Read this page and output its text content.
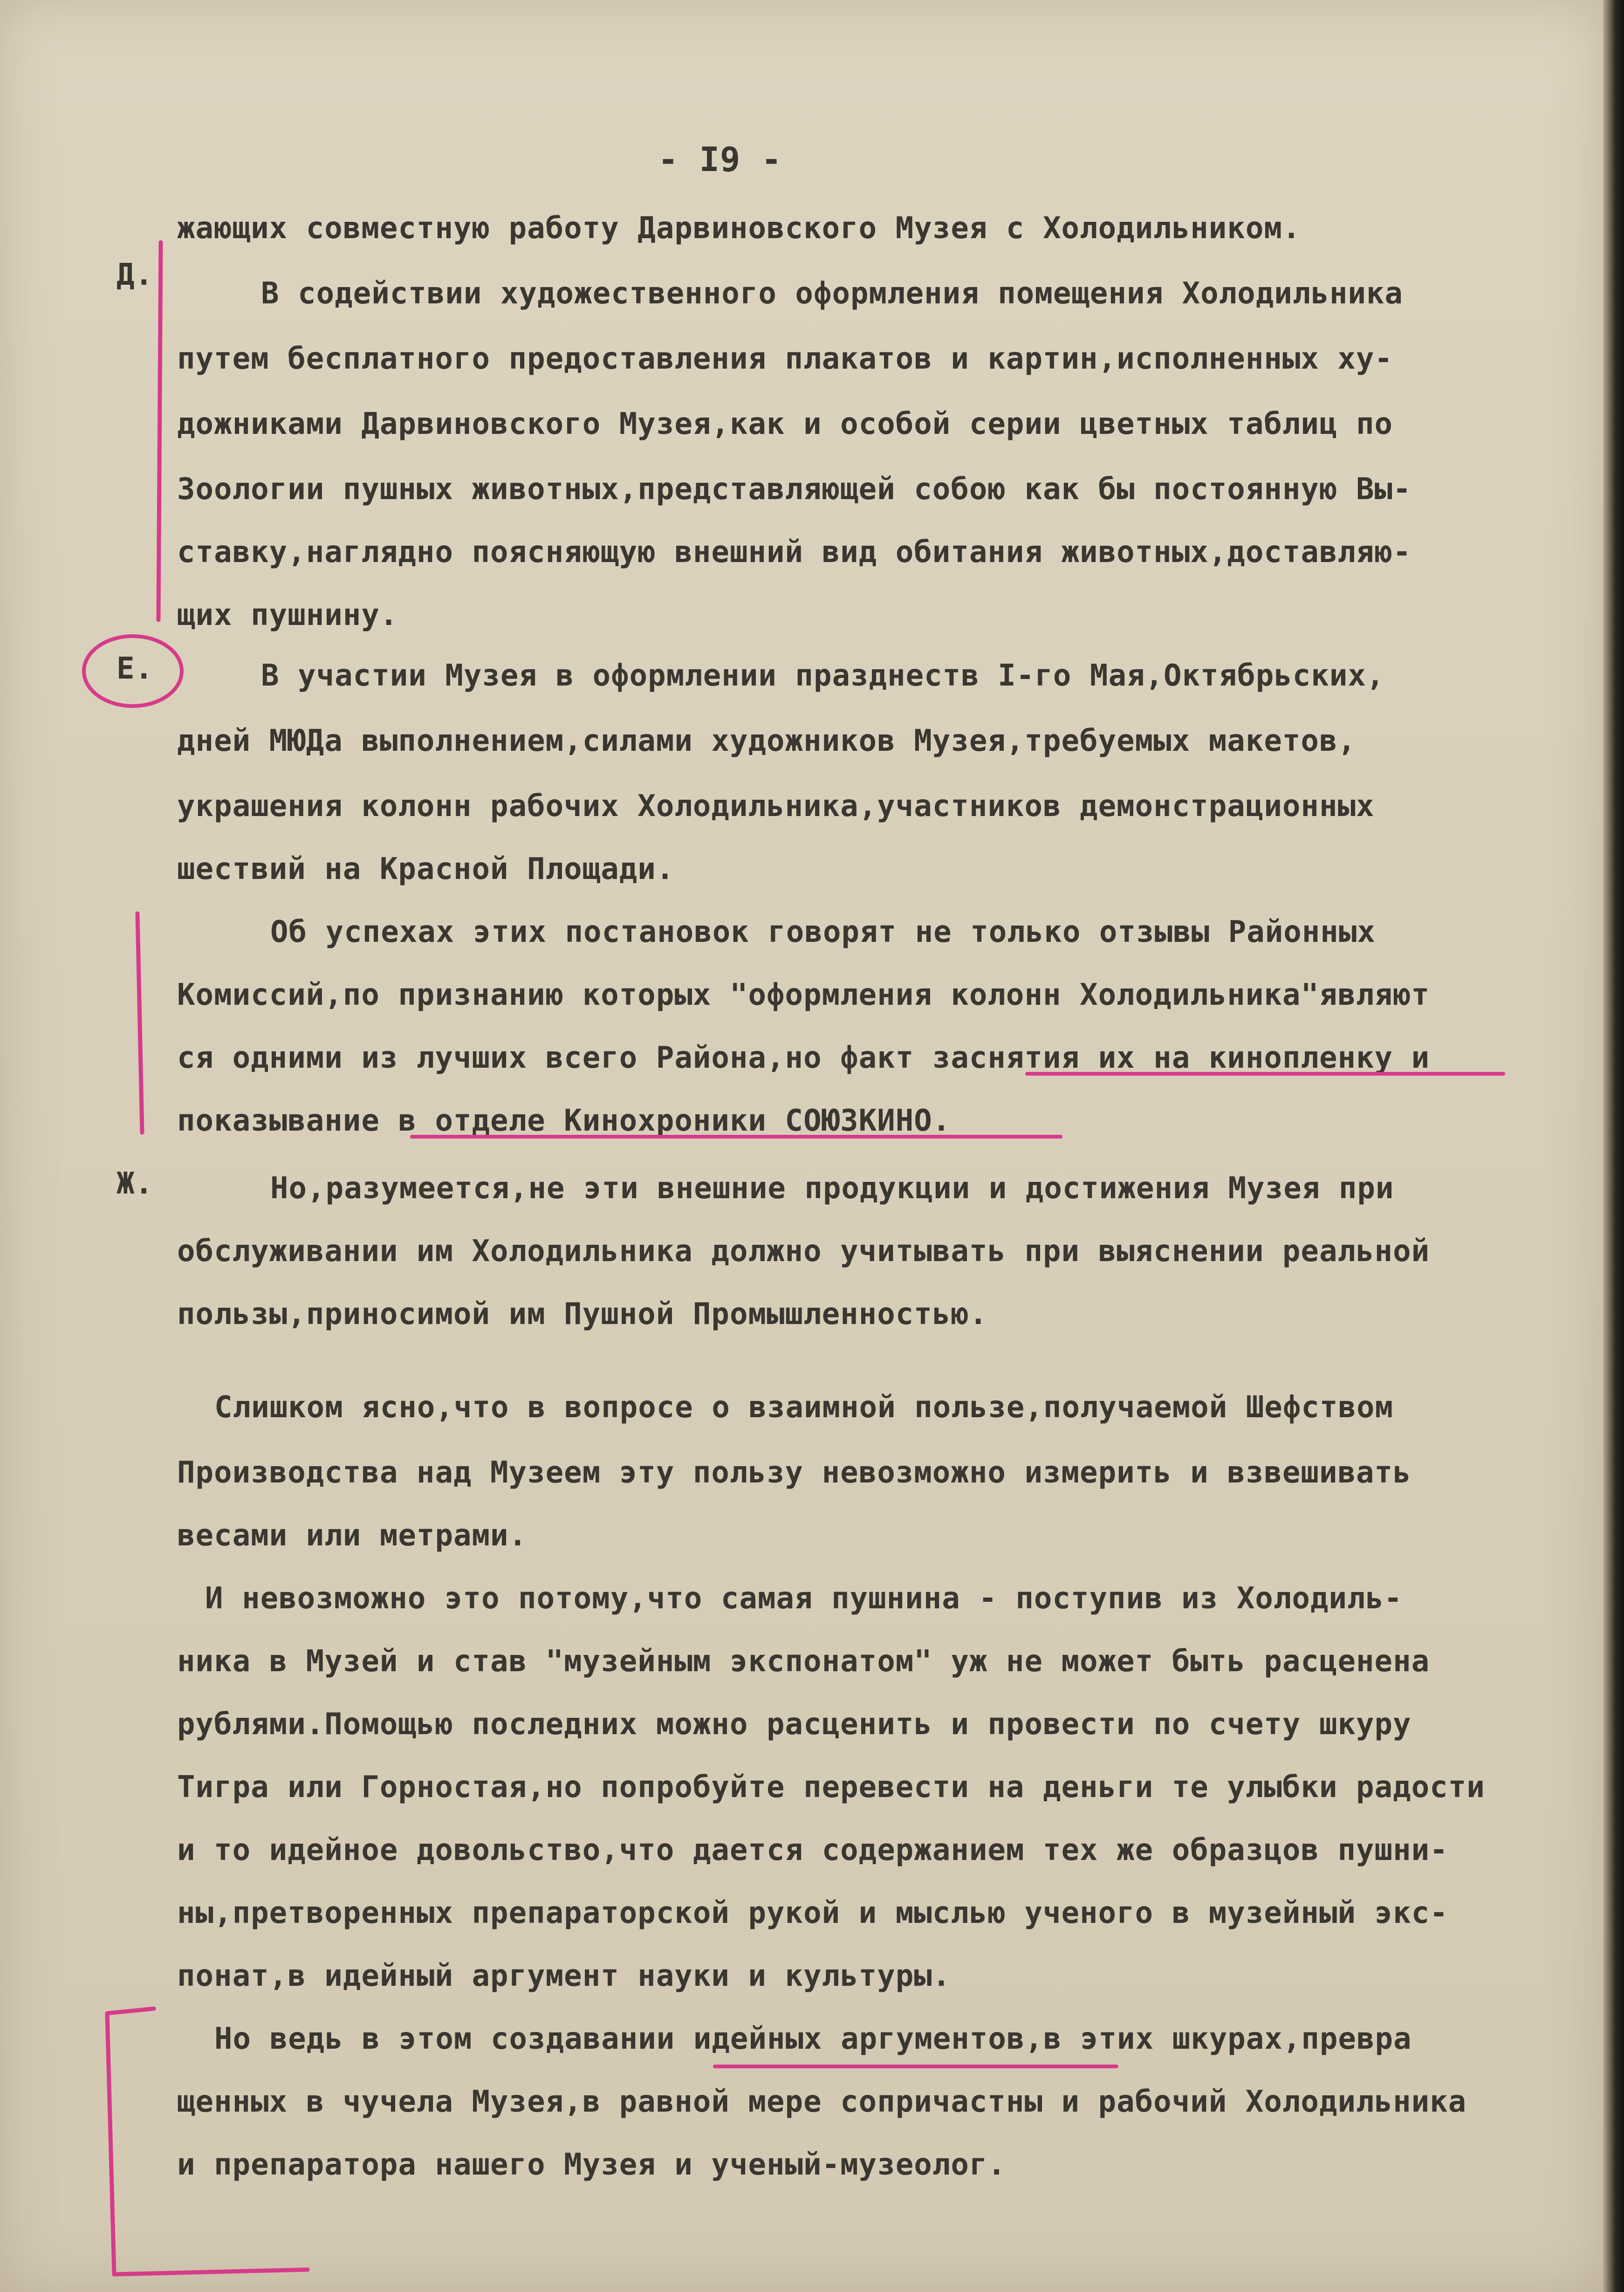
- I9 -
Д.
Е.
Ж.
жающих совместную работу Дарвиновского Музея с Холодильником.
В содействии художественного оформления помещения Холодильника
путем бесплатного предоставления плакатов и картин,исполненных ху-
дожниками Дарвиновского Музея,как и особой серии цветных таблиц по
Зоологии пушных животных,представляющей собою как бы постоянную Вы-
ставку,наглядно поясняющую внешний вид обитания животных,доставляю-
щих пушнину.
В участии Музея в оформлении празднеств I-го Мая,Октябрьских,
дней МЮДа выполнением,силами художников Музея,требуемых макетов,
украшения колонн рабочих Холодильника,участников демонстрационных
шествий на Красной Площади.
Об успехах этих постановок говорят не только отзывы Районных
Комиссий,по признанию которых "оформления колонн Холодильника"являют
ся одними из лучших всего Района,но факт заснятия их на кинопленку и
показывание в отделе Кинохроники СОЮЗКИНО.
Но,разумеется,не эти внешние продукции и достижения Музея при
обслуживании им Холодильника должно учитывать при выяснении реальной
пользы,приносимой им Пушной Промышленностью.
Слишком ясно,что в вопросе о взаимной пользе,получаемой Шефством
Производства над Музеем эту пользу невозможно измерить и взвешивать
весами или метрами.
И невозможно это потому,что самая пушнина - поступив из Холодиль-
ника в Музей и став "музейным экспонатом" уж не может быть расценена
рублями.Помощью последних можно расценить и провести по счету шкуру
Тигра или Горностая,но попробуйте перевести на деньги те улыбки радости
и то идейное довольство,что дается содержанием тех же образцов пушни-
ны,претворенных препараторской рукой и мыслью ученого в музейный экс-
понат,в идейный аргумент науки и культуры.
Но ведь в этом создавании идейных аргументов,в этих шкурах,превра
щенных в чучела Музея,в равной мере сопричастны и рабочий Холодильника
и препаратора нашего Музея и ученый-музеолог.
